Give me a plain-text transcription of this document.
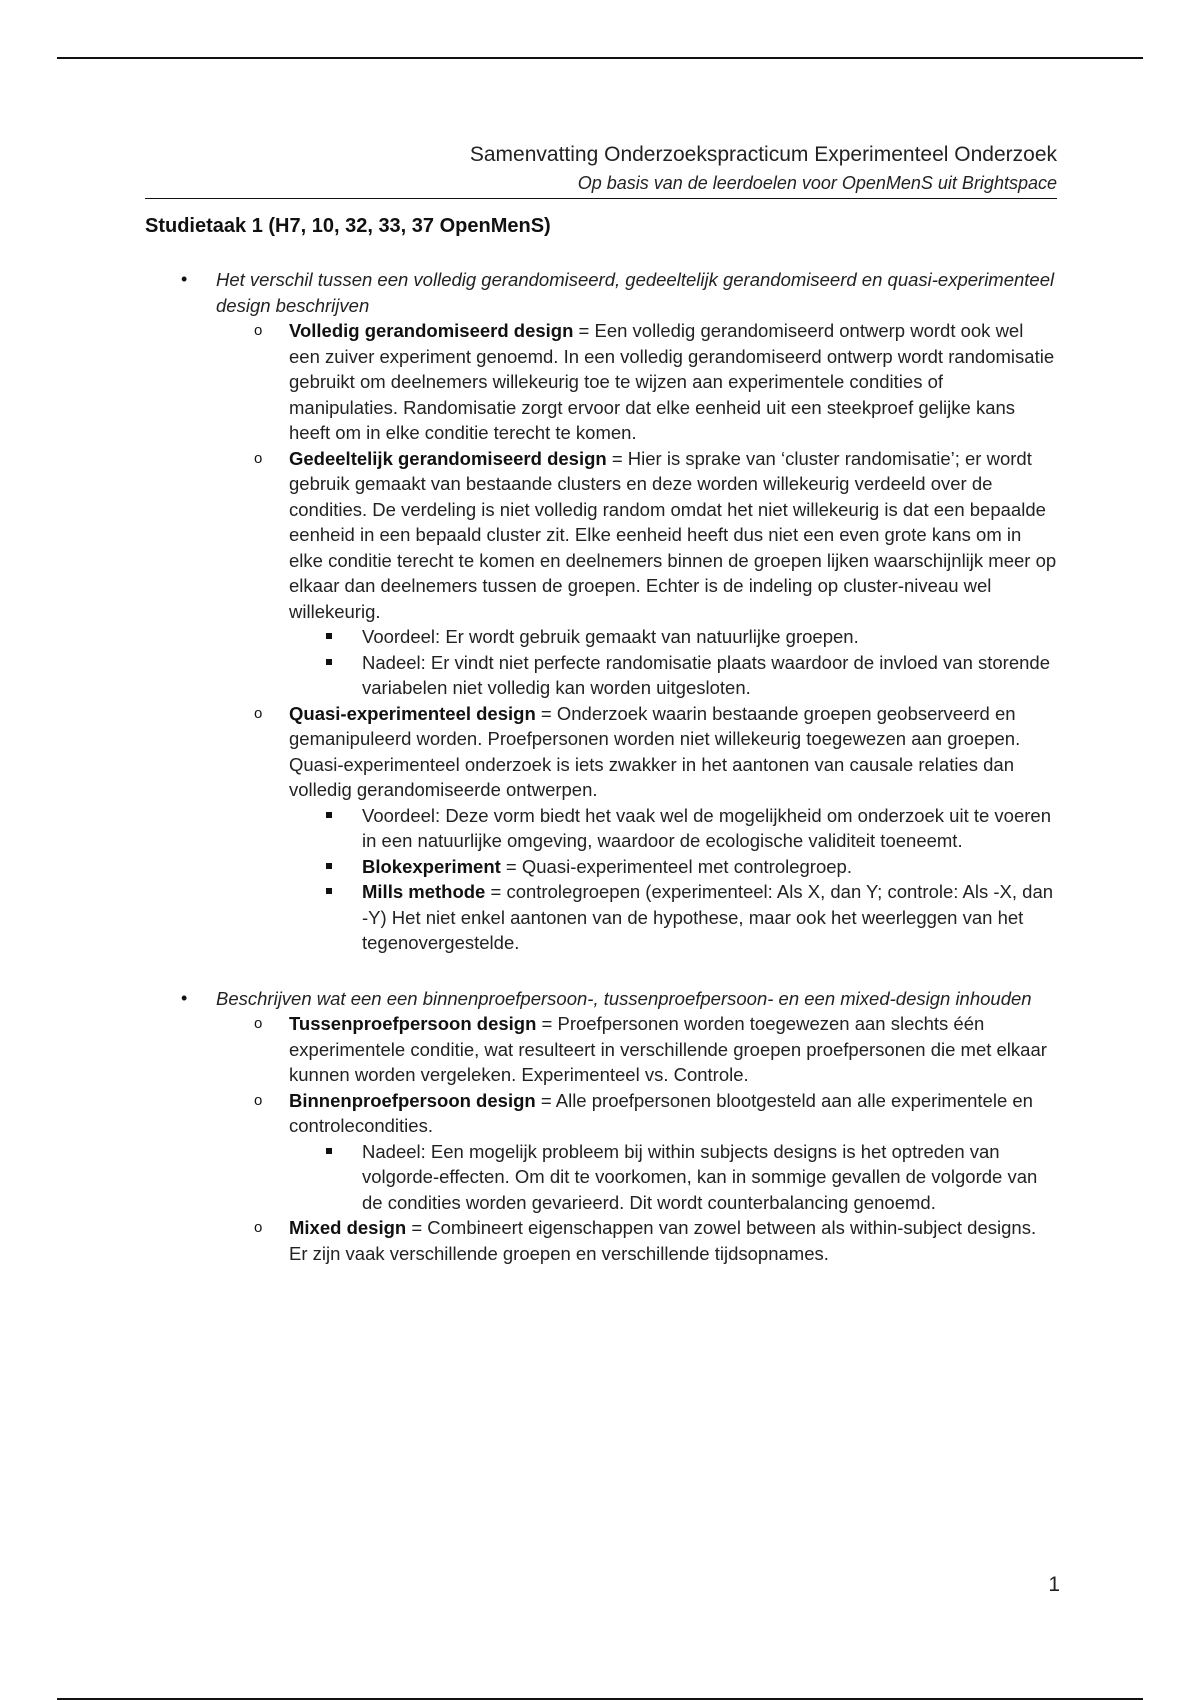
Samenvatting Onderzoekspracticum Experimenteel Onderzoek
Op basis van de leerdoelen voor OpenMenS uit Brightspace
Studietaak 1 (H7, 10, 32, 33, 37 OpenMenS)
• Het verschil tussen een volledig gerandomiseerd, gedeeltelijk gerandomiseerd en quasi-experimenteel design beschrijven
o Volledig gerandomiseerd design = Een volledig gerandomiseerd ontwerp wordt ook wel een zuiver experiment genoemd. In een volledig gerandomiseerd ontwerp wordt randomisatie gebruikt om deelnemers willekeurig toe te wijzen aan experimentele condities of manipulaties. Randomisatie zorgt ervoor dat elke eenheid uit een steekproef gelijke kans heeft om in elke conditie terecht te komen.
o Gedeeltelijk gerandomiseerd design = Hier is sprake van ‘cluster randomisatie’; er wordt gebruik gemaakt van bestaande clusters en deze worden willekeurig verdeeld over de condities. De verdeling is niet volledig random omdat het niet willekeurig is dat een bepaalde eenheid in een bepaald cluster zit. Elke eenheid heeft dus niet een even grote kans om in elke conditie terecht te komen en deelnemers binnen de groepen lijken waarschijnlijk meer op elkaar dan deelnemers tussen de groepen. Echter is de indeling op cluster-niveau wel willekeurig.
Voordeel: Er wordt gebruik gemaakt van natuurlijke groepen.
Nadeel: Er vindt niet perfecte randomisatie plaats waardoor de invloed van storende variabelen niet volledig kan worden uitgesloten.
o Quasi-experimenteel design = Onderzoek waarin bestaande groepen geobserveerd en gemanipuleerd worden. Proefpersonen worden niet willekeurig toegewezen aan groepen. Quasi-experimenteel onderzoek is iets zwakker in het aantonen van causale relaties dan volledig gerandomiseerde ontwerpen.
Voordeel: Deze vorm biedt het vaak wel de mogelijkheid om onderzoek uit te voeren in een natuurlijke omgeving, waardoor de ecologische validiteit toeneemt.
Blokexperiment = Quasi-experimenteel met controlegroep.
Mills methode = controlegroepen (experimenteel: Als X, dan Y; controle: Als -X, dan -Y) Het niet enkel aantonen van de hypothese, maar ook het weerleggen van het tegenovergestelde.
• Beschrijven wat een een binnenproefpersoon-, tussenproefpersoon- en een mixed-design inhouden
o Tussenproefpersoon design = Proefpersonen worden toegewezen aan slechts één experimentele conditie, wat resulteert in verschillende groepen proefpersonen die met elkaar kunnen worden vergeleken. Experimenteel vs. Controle.
o Binnenproefpersoon design = Alle proefpersonen blootgesteld aan alle experimentele en controlecondities.
Nadeel: Een mogelijk probleem bij within subjects designs is het optreden van volgorde-effecten. Om dit te voorkomen, kan in sommige gevallen de volgorde van de condities worden gevarieerd. Dit wordt counterbalancing genoemd.
o Mixed design = Combineert eigenschappen van zowel between als within-subject designs. Er zijn vaak verschillende groepen en verschillende tijdsopnames.
1
